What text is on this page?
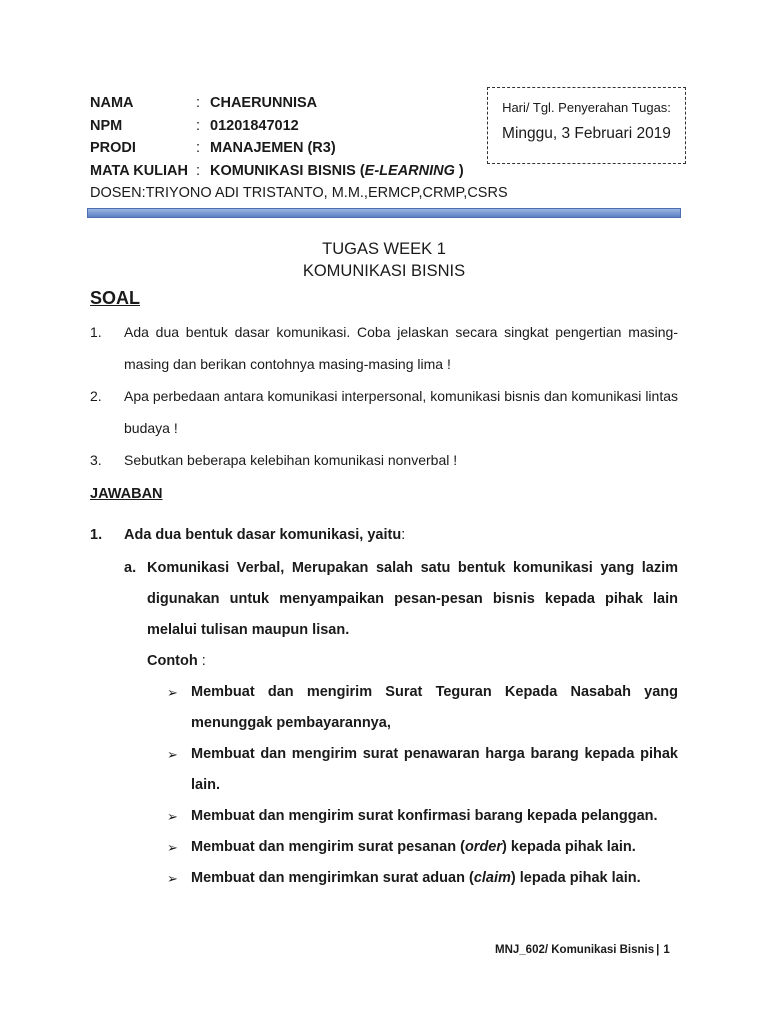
NAMA	: CHAERUNNISA
NPM	: 01201847012
PRODI	: MANAJEMEN (R3)
MATA KULIAH : KOMUNIKASI BISNIS (E-LEARNING )
DOSEN : TRIYONO ADI TRISTANTO, M.M.,ERMCP,CRMP,CSRS
Hari/ Tgl. Penyerahan Tugas:
Minggu, 3 Februari 2019
TUGAS WEEK 1
KOMUNIKASI BISNIS
SOAL
1. Ada dua bentuk dasar komunikasi. Coba jelaskan secara singkat pengertian masing-masing dan berikan contohnya masing-masing lima !
2. Apa perbedaan antara komunikasi interpersonal, komunikasi bisnis dan komunikasi lintas budaya !
3. Sebutkan beberapa kelebihan komunikasi nonverbal !
JAWABAN
1. Ada dua bentuk dasar komunikasi, yaitu:
a. Komunikasi Verbal, Merupakan salah satu bentuk komunikasi yang lazim digunakan untuk menyampaikan pesan-pesan bisnis kepada pihak lain melalui tulisan maupun lisan.
Contoh :
➢ Membuat dan mengirim Surat Teguran Kepada Nasabah yang menunggak pembayarannya,
➢ Membuat dan mengirim surat penawaran harga barang kepada pihak lain.
➢ Membuat dan mengirim surat konfirmasi barang kepada pelanggan.
➢ Membuat dan mengirim surat pesanan (order) kepada pihak lain.
➢ Membuat dan mengirimkan surat aduan (claim) lepada pihak lain.
MNJ_602/ Komunikasi Bisnis | 1
